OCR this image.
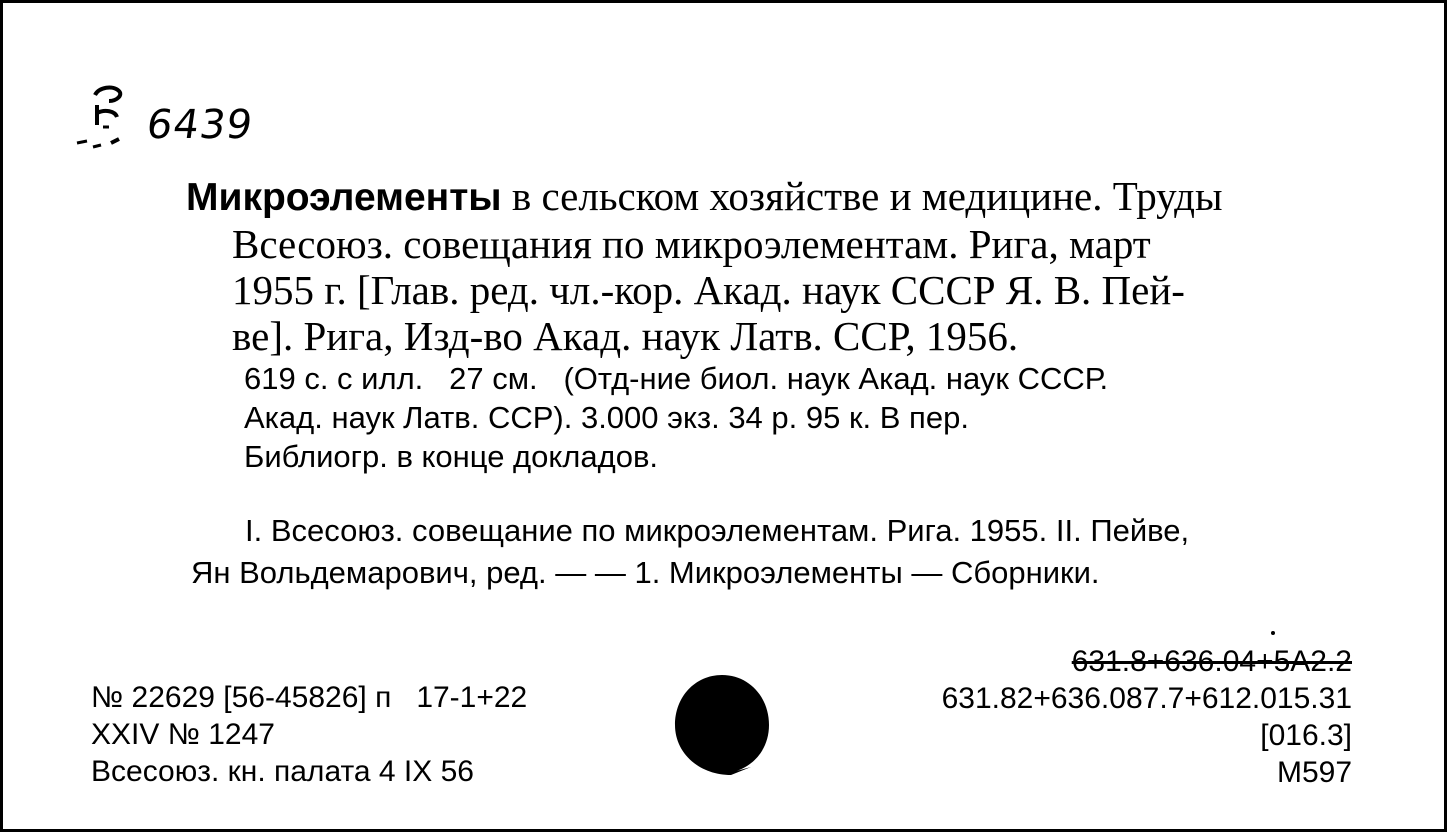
6439
Микроэлементы в сельском хозяйстве и медицине. Труды
Всесоюз. совещания по микроэлементам. Рига, март
1955 г. [Глав. ред. чл.-кор. Акад. наук СССР Я. В. Пей-
ве]. Рига, Изд-во Акад. наук Латв. ССР, 1956.
619 с. с илл.   27 см.   (Отд-ние биол. наук Акад. наук СССР.
Акад. наук Латв. ССР). 3.000 экз. 34 р. 95 к. В пер.
Библиогр. в конце докладов.
I. Всесоюз. совещание по микроэлементам. Рига. 1955. II. Пейве,
Ян Вольдемарович, ред. — — 1. Микроэлементы — Сборники.
№ 22629 [56-45826] п   17-1+22
XXIV № 1247
Всесоюз. кн. палата 4 IX 56
631.8+636.04+5А2.2
631.82+636.087.7+612.015.31
[016.3]
М597
